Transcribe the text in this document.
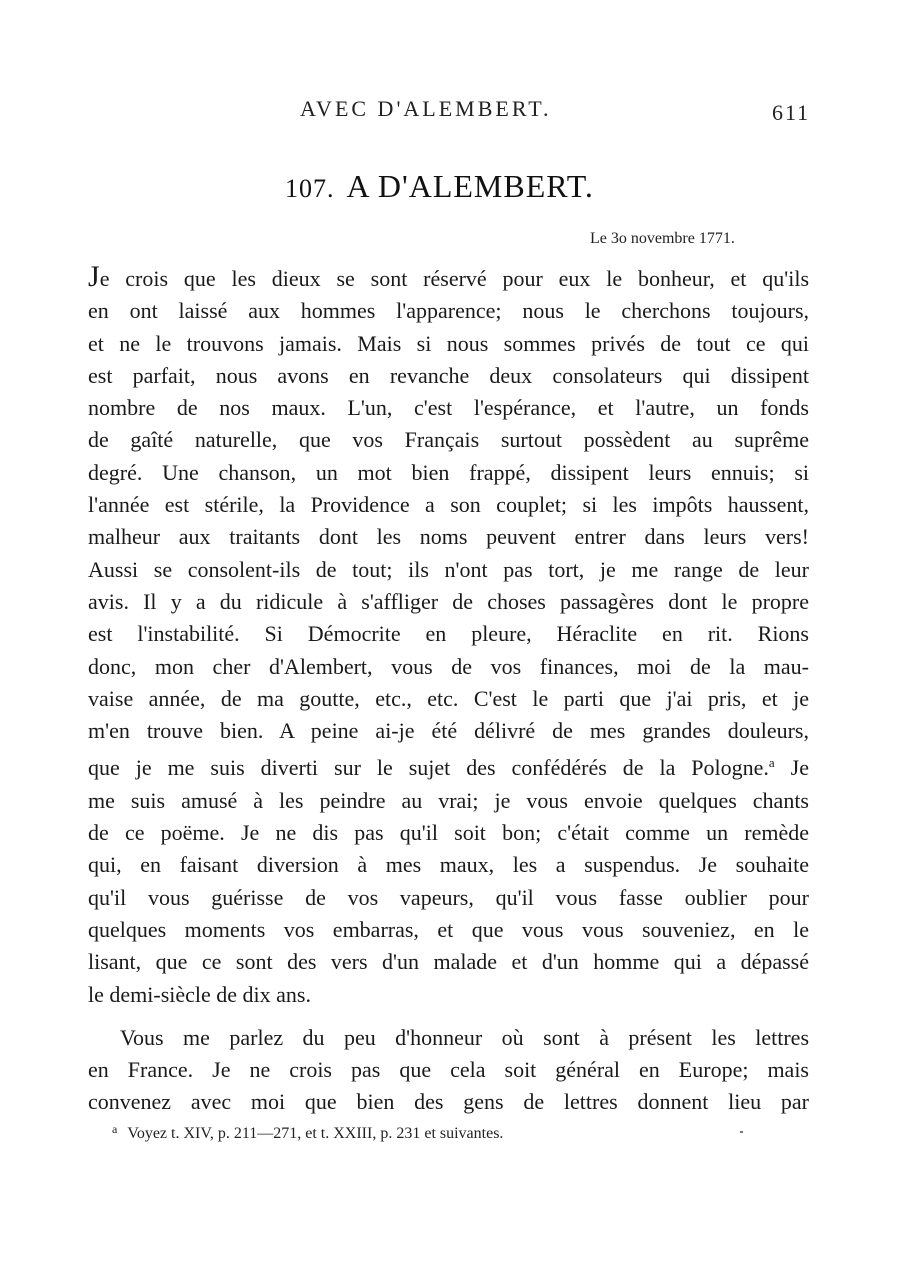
AVEC D'ALEMBERT.	611
107. A D'ALEMBERT.
Le 3o novembre 1771.
Je crois que les dieux se sont réservé pour eux le bonheur, et qu'ils
en ont laissé aux hommes l'apparence; nous le cherchons toujours,
et ne le trouvons jamais. Mais si nous sommes privés de tout ce qui
est parfait, nous avons en revanche deux consolateurs qui dissipent
nombre de nos maux. L'un, c'est l'espérance, et l'autre, un fonds
de gaîté naturelle, que vos Français surtout possèdent au suprême
degré. Une chanson, un mot bien frappé, dissipent leurs ennuis; si
l'année est stérile, la Providence a son couplet; si les impôts haussent,
malheur aux traitants dont les noms peuvent entrer dans leurs vers!
Aussi se consolent-ils de tout; ils n'ont pas tort, je me range de leur
avis. Il y a du ridicule à s'affliger de choses passagères dont le propre
est l'instabilité. Si Démocrite en pleure, Héraclite en rit. Rions
donc, mon cher d'Alembert, vous de vos finances, moi de la mau-
vaise année, de ma goutte, etc., etc. C'est le parti que j'ai pris, et je
m'en trouve bien. A peine ai-je été délivré de mes grandes douleurs,
que je me suis diverti sur le sujet des confédérés de la Pologne.$^a$ Je
me suis amusé à les peindre au vrai; je vous envoie quelques chants
de ce poëme. Je ne dis pas qu'il soit bon; c'était comme un remède
qui, en faisant diversion à mes maux, les a suspendus. Je souhaite
qu'il vous guérisse de vos vapeurs, qu'il vous fasse oublier pour
quelques moments vos embarras, et que vous vous souveniez, en le
lisant, que ce sont des vers d'un malade et d'un homme qui a dépassé
le demi-siècle de dix ans.
Vous me parlez du peu d'honneur où sont à présent les lettres
en France. Je ne crois pas que cela soit général en Europe; mais
convenez avec moi que bien des gens de lettres donnent lieu par
$^a$ Voyez t. XIV, p. 211—271, et t. XXIII, p. 231 et suivantes.
